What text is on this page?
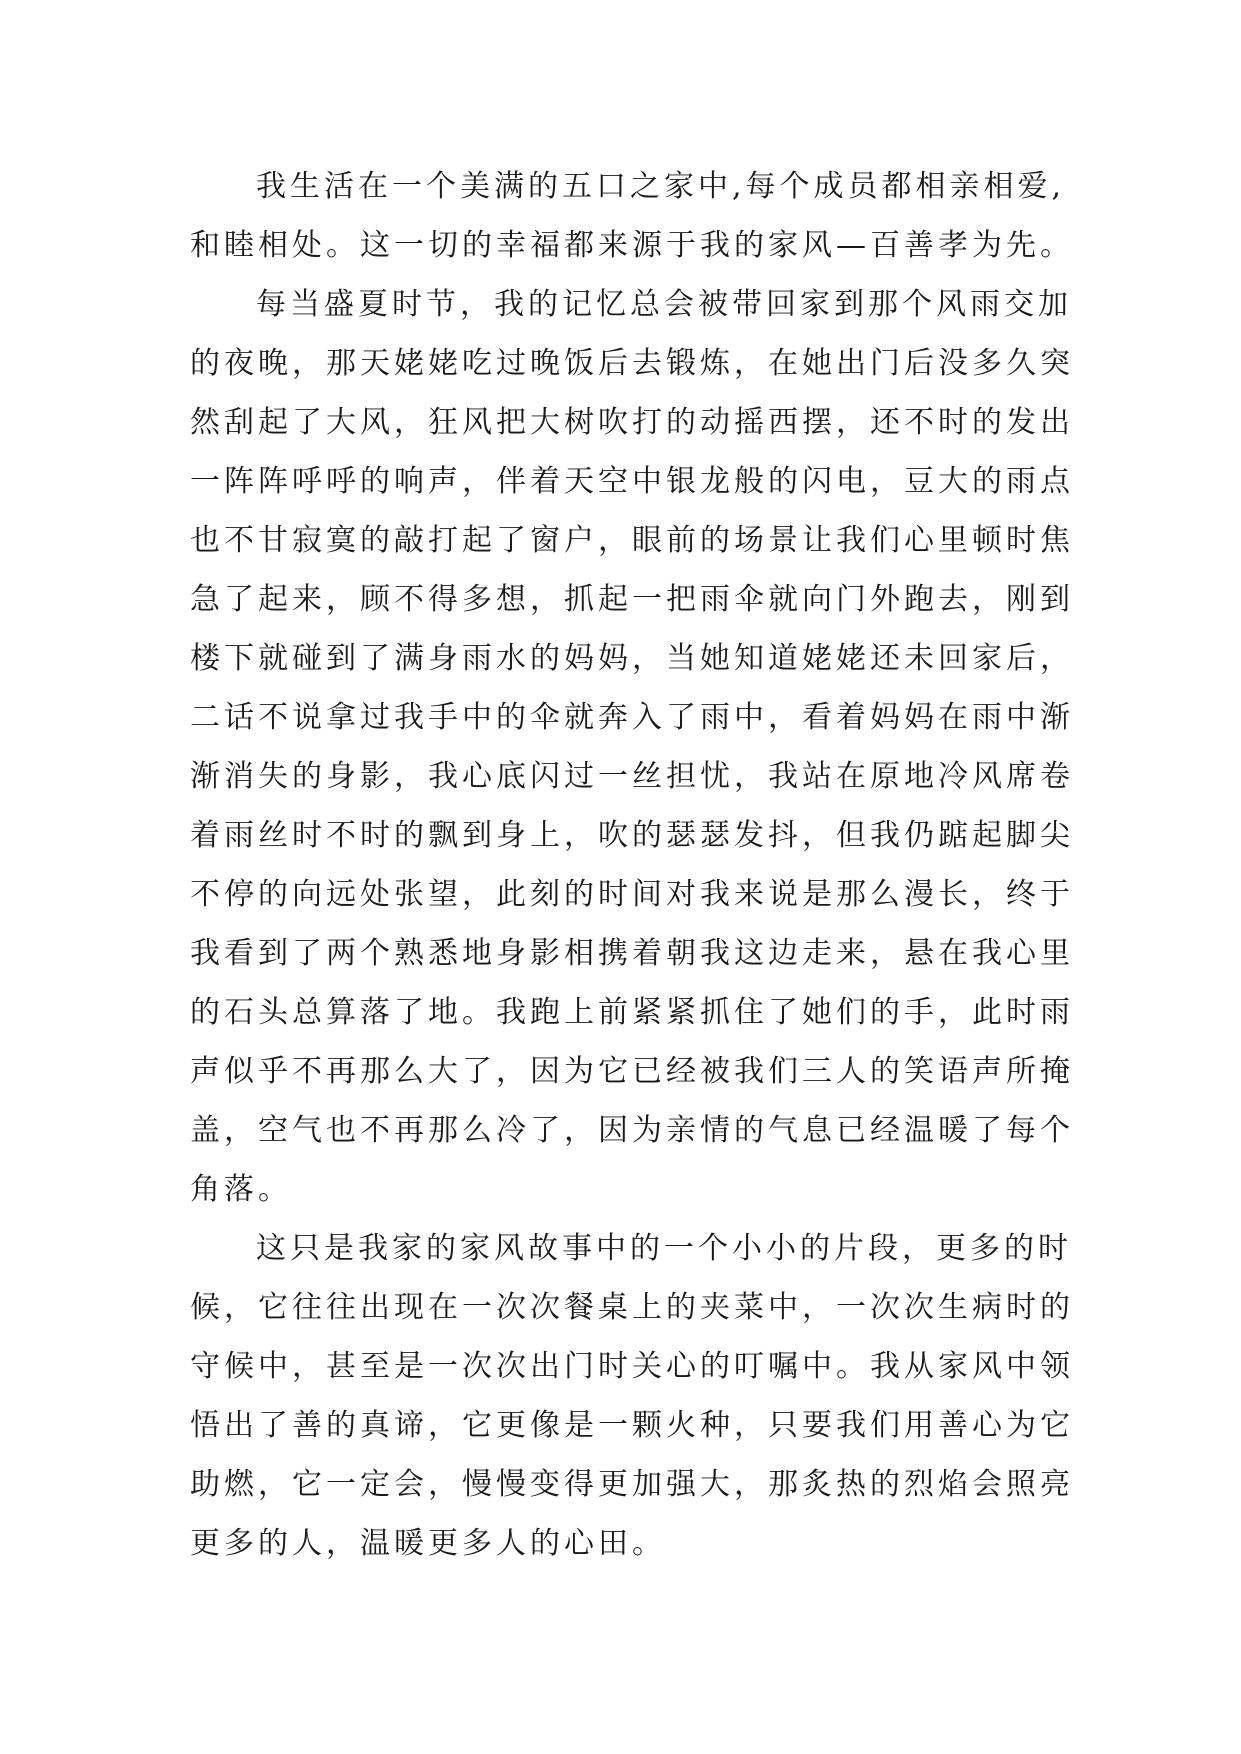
我生活在一个美满的五口之家中,每个成员都相亲相爱,
和睦相处。这一切的幸福都来源于我的家风—百善孝为先。
每当盛夏时节，我的记忆总会被带回家到那个风雨交加
的夜晚，那天姥姥吃过晚饭后去锻炼，在她出门后没多久突
然刮起了大风，狂风把大树吹打的动摇西摆，还不时的发出
一阵阵呼呼的响声，伴着天空中银龙般的闪电，豆大的雨点
也不甘寂寞的敲打起了窗户，眼前的场景让我们心里顿时焦
急了起来，顾不得多想，抓起一把雨伞就向门外跑去，刚到
楼下就碰到了满身雨水的妈妈，当她知道姥姥还未回家后，
二话不说拿过我手中的伞就奔入了雨中，看着妈妈在雨中渐
渐消失的身影，我心底闪过一丝担忧，我站在原地冷风席卷
着雨丝时不时的飘到身上，吹的瑟瑟发抖，但我仍踮起脚尖
不停的向远处张望，此刻的时间对我来说是那么漫长，终于
我看到了两个熟悉地身影相携着朝我这边走来，悬在我心里
的石头总算落了地。我跑上前紧紧抓住了她们的手，此时雨
声似乎不再那么大了，因为它已经被我们三人的笑语声所掩
盖，空气也不再那么冷了，因为亲情的气息已经温暖了每个
角落。
这只是我家的家风故事中的一个小小的片段，更多的时
候，它往往出现在一次次餐桌上的夹菜中，一次次生病时的
守候中，甚至是一次次出门时关心的叮嘱中。我从家风中领
悟出了善的真谛，它更像是一颗火种，只要我们用善心为它
助燃，它一定会，慢慢变得更加强大，那炙热的烈焰会照亮
更多的人，温暖更多人的心田。
